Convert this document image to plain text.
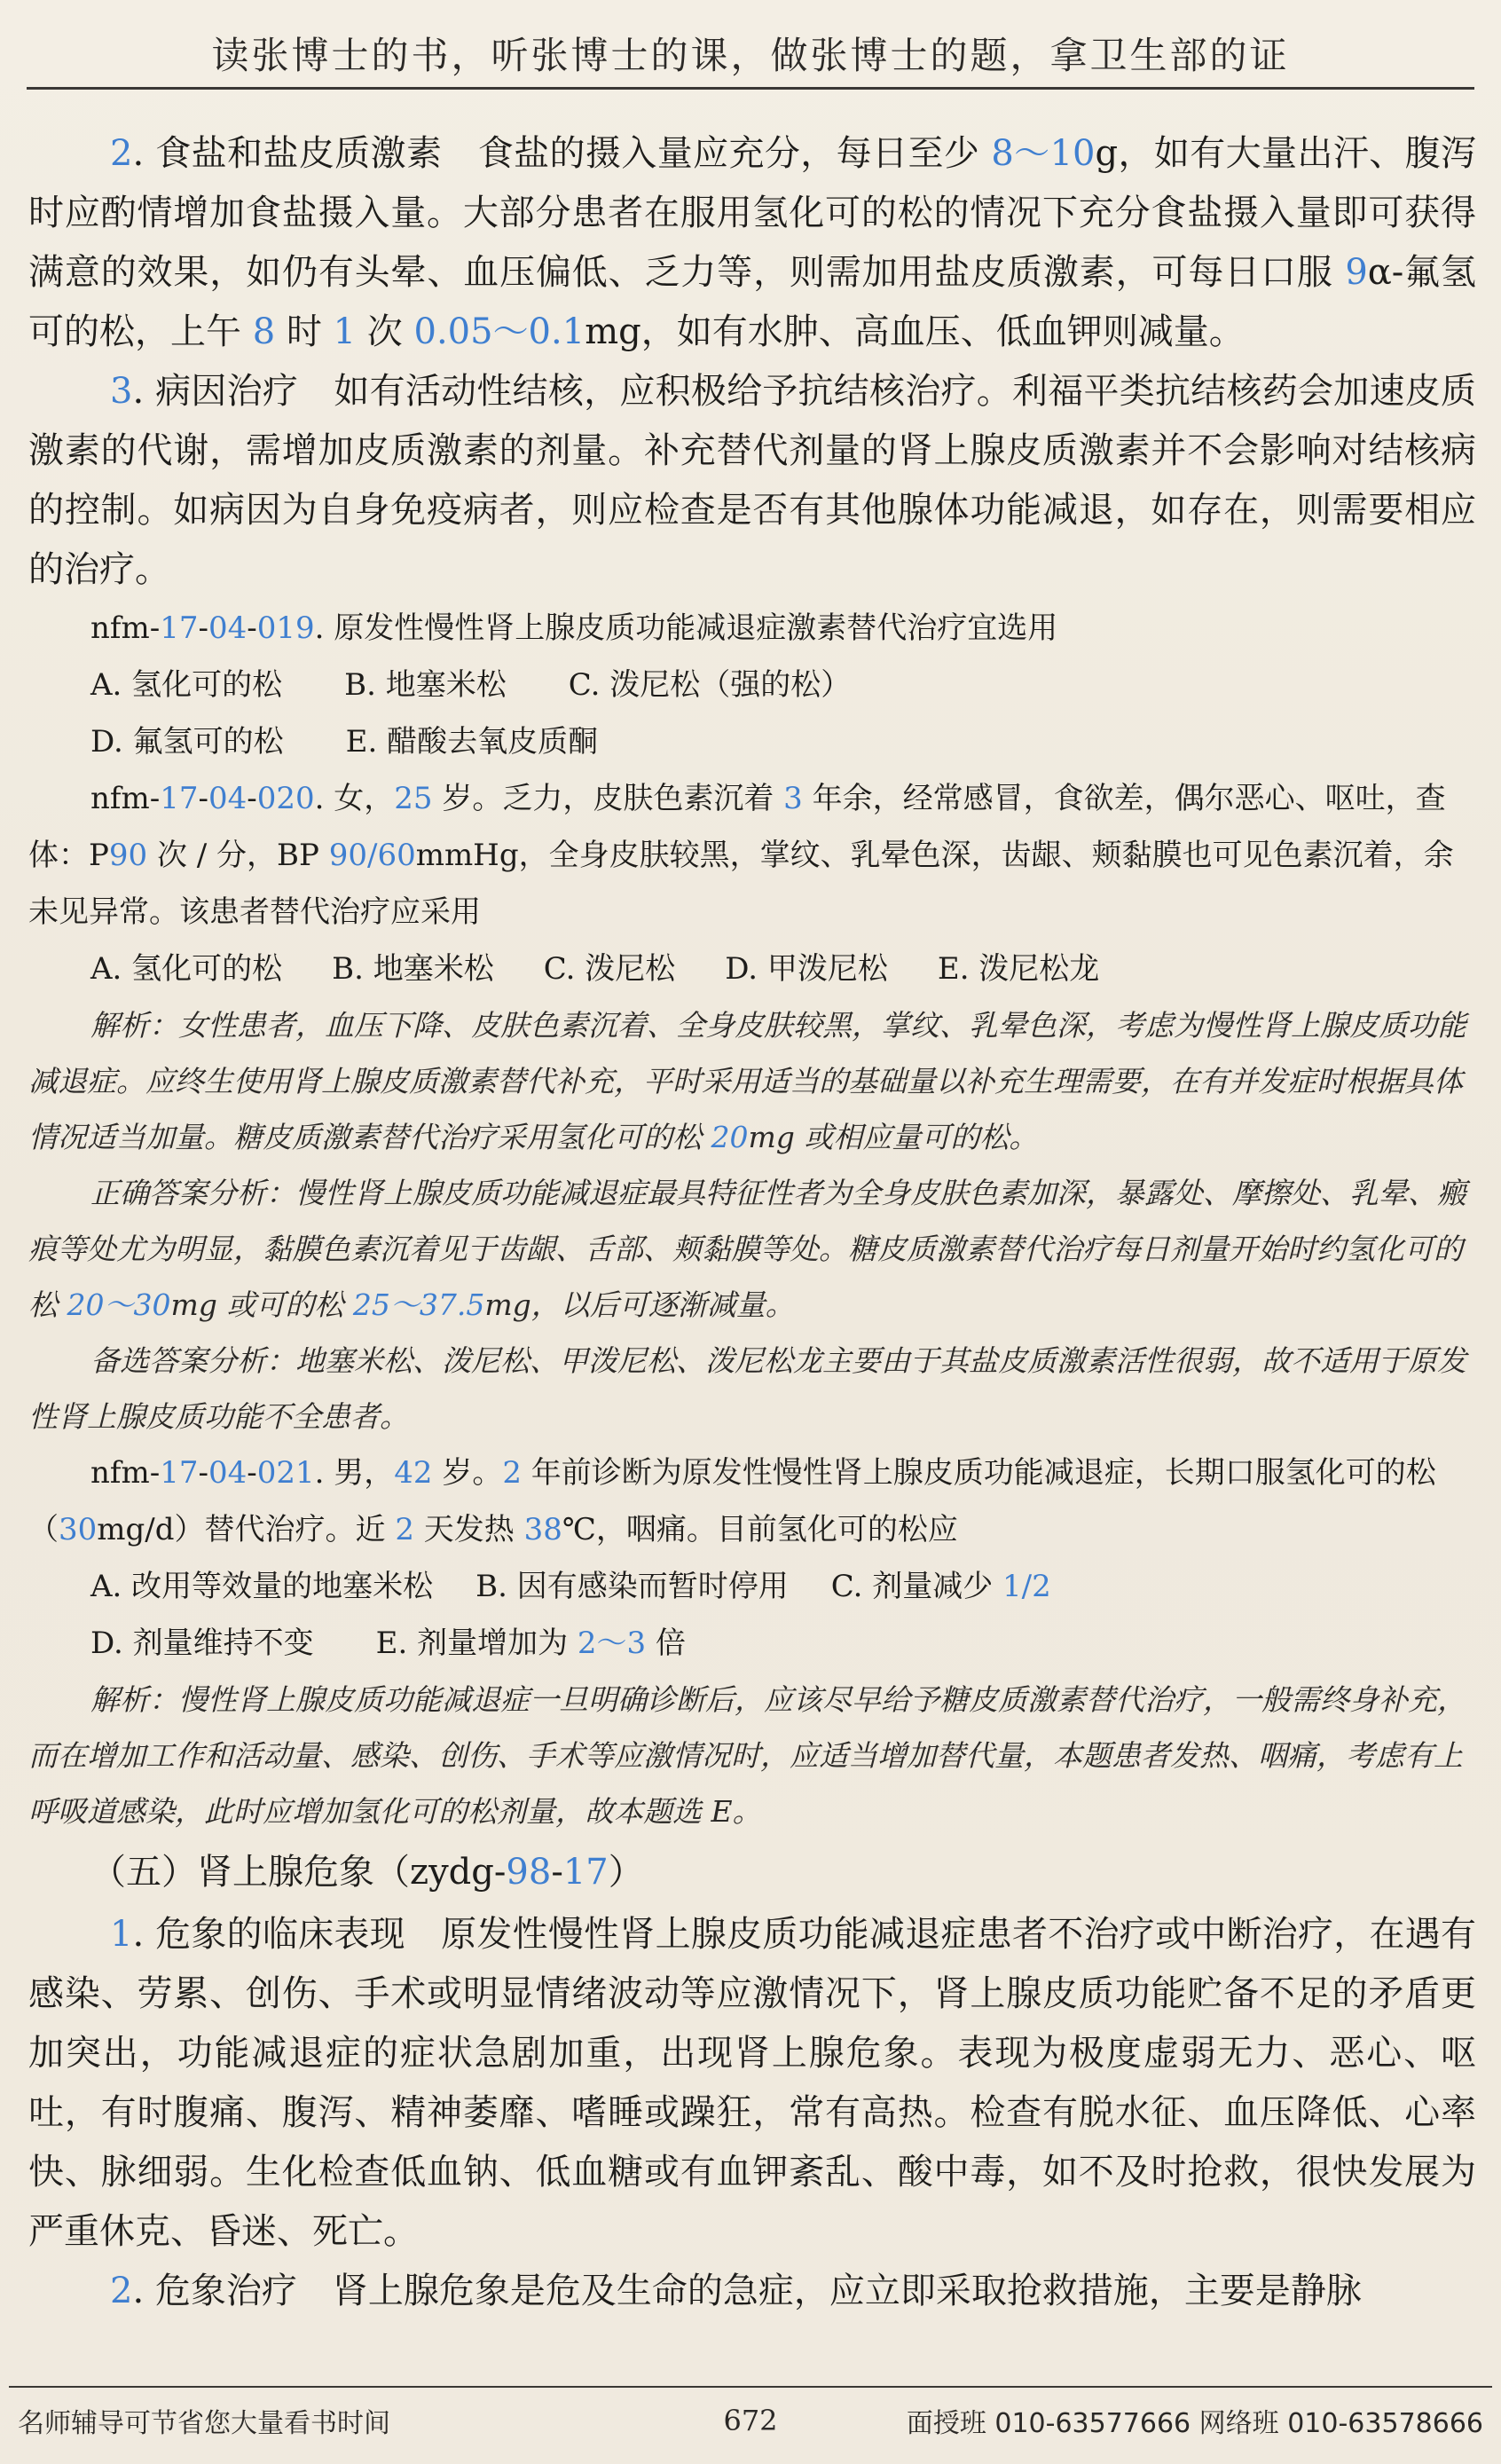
读张博士的书，听张博士的课，做张博士的题，拿卫生部的证

2. 食盐和盐皮质激素　食盐的摄入量应充分，每日至少 8～10g，如有大量出汗、腹泻时应酌情增加食盐摄入量。大部分患者在服用氢化可的松的情况下充分食盐摄入量即可获得满意的效果，如仍有头晕、血压偏低、乏力等，则需加用盐皮质激素，可每日口服 9α-氟氢可的松，上午 8 时 1 次 0.05～0.1mg，如有水肿、高血压、低血钾则减量。

3. 病因治疗　如有活动性结核，应积极给予抗结核治疗。利福平类抗结核药会加速皮质激素的代谢，需增加皮质激素的剂量。补充替代剂量的肾上腺皮质激素并不会影响对结核病的控制。如病因为自身免疫病者，则应检查是否有其他腺体功能减退，如存在，则需要相应的治疗。

nfm-17-04-019. 原发性慢性肾上腺皮质功能减退症激素替代治疗宜选用

A. 氢化可的松 B. 地塞米松 C. 泼尼松（强的松）
D. 氟氢可的松 E. 醋酸去氧皮质酮

nfm-17-04-020. 女，25 岁。乏力，皮肤色素沉着 3 年余，经常感冒，食欲差，偶尔恶心、呕吐，查体：P90 次 / 分，BP 90/60mmHg，全身皮肤较黑，掌纹、乳晕色深，齿龈、颊黏膜也可见色素沉着，余未见异常。该患者替代治疗应采用

A. 氢化可的松 B. 地塞米松 C. 泼尼松 D. 甲泼尼松 E. 泼尼松龙

解析：女性患者，血压下降、皮肤色素沉着、全身皮肤较黑，掌纹、乳晕色深，考虑为慢性肾上腺皮质功能减退症。应终生使用肾上腺皮质激素替代补充，平时采用适当的基础量以补充生理需要，在有并发症时根据具体情况适当加量。糖皮质激素替代治疗采用氢化可的松 20mg 或相应量可的松。

正确答案分析：慢性肾上腺皮质功能减退症最具特征性者为全身皮肤色素加深，暴露处、摩擦处、乳晕、瘢痕等处尤为明显，黏膜色素沉着见于齿龈、舌部、颊黏膜等处。糖皮质激素替代治疗每日剂量开始时约氢化可的松 20～30mg 或可的松 25～37.5mg，以后可逐渐减量。

备选答案分析：地塞米松、泼尼松、甲泼尼松、泼尼松龙主要由于其盐皮质激素活性很弱，故不适用于原发性肾上腺皮质功能不全患者。

nfm-17-04-021. 男，42 岁。2 年前诊断为原发性慢性肾上腺皮质功能减退症，长期口服氢化可的松（30mg/d）替代治疗。近 2 天发热 38℃，咽痛。目前氢化可的松应

A. 改用等效量的地塞米松 B. 因有感染而暂时停用 C. 剂量减少 1/2
D. 剂量维持不变 E. 剂量增加为 2～3 倍

解析：慢性肾上腺皮质功能减退症一旦明确诊断后，应该尽早给予糖皮质激素替代治疗，一般需终身补充，而在增加工作和活动量、感染、创伤、手术等应激情况时，应适当增加替代量，本题患者发热、咽痛，考虑有上呼吸道感染，此时应增加氢化可的松剂量，故本题选 E。

（五）肾上腺危象（zydg-98-17）

1. 危象的临床表现　原发性慢性肾上腺皮质功能减退症患者不治疗或中断治疗，在遇有感染、劳累、创伤、手术或明显情绪波动等应激情况下，肾上腺皮质功能贮备不足的矛盾更加突出，功能减退症的症状急剧加重，出现肾上腺危象。表现为极度虚弱无力、恶心、呕吐，有时腹痛、腹泻、精神萎靡、嗜睡或躁狂，常有高热。检查有脱水征、血压降低、心率快、脉细弱。生化检查低血钠、低血糖或有血钾紊乱、酸中毒，如不及时抢救，很快发展为严重休克、昏迷、死亡。

2. 危象治疗　肾上腺危象是危及生命的急症，应立即采取抢救措施，主要是静脉

名师辅导可节省您大量看书时间	672	面授班 010-63577666 网络班 010-63578666
